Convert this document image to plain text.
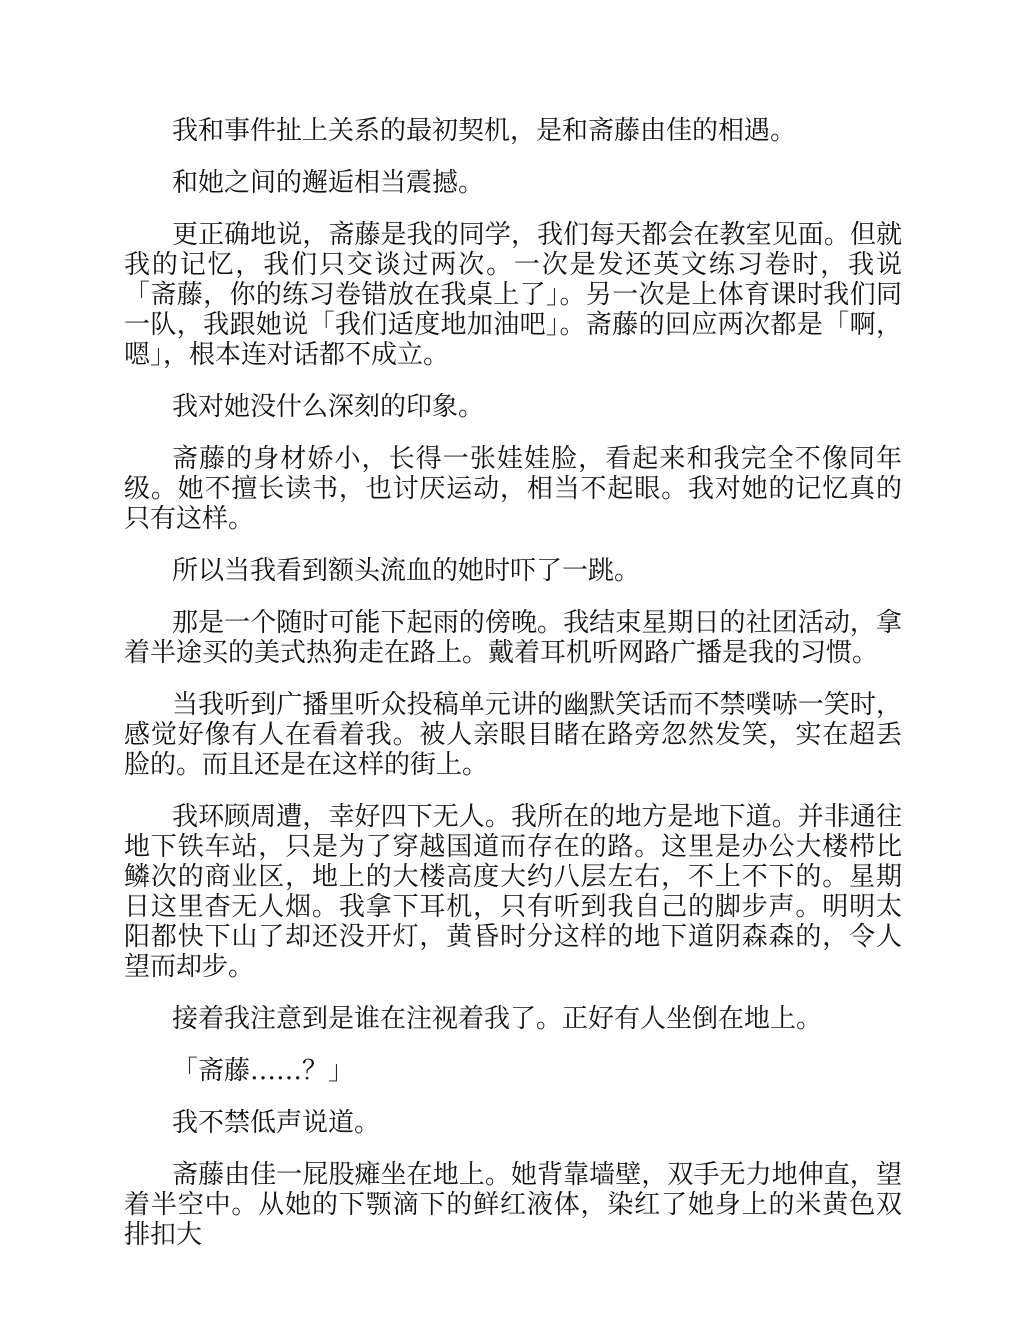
我和事件扯上关系的最初契机，是和斋藤由佳的相遇。

和她之间的邂逅相当震撼。

更正确地说，斋藤是我的同学，我们每天都会在教室见面。但就我的记忆，我们只交谈过两次。一次是发还英文练习卷时，我说「斋藤，你的练习卷错放在我桌上了」。另一次是上体育课时我们同一队，我跟她说「我们适度地加油吧」。斋藤的回应两次都是「啊，嗯」，根本连对话都不成立。

我对她没什么深刻的印象。

斋藤的身材娇小，长得一张娃娃脸，看起来和我完全不像同年级。她不擅长读书，也讨厌运动，相当不起眼。我对她的记忆真的只有这样。

所以当我看到额头流血的她时吓了一跳。

那是一个随时可能下起雨的傍晚。我结束星期日的社团活动，拿着半途买的美式热狗走在路上。戴着耳机听网路广播是我的习惯。

当我听到广播里听众投稿单元讲的幽默笑话而不禁噗哧一笑时，感觉好像有人在看着我。被人亲眼目睹在路旁忽然发笑，实在超丢脸的。而且还是在这样的街上。

我环顾周遭，幸好四下无人。我所在的地方是地下道。并非通往地下铁车站，只是为了穿越国道而存在的路。这里是办公大楼栉比鳞次的商业区，地上的大楼高度大约八层左右，不上不下的。星期日这里杳无人烟。我拿下耳机，只有听到我自己的脚步声。明明太阳都快下山了却还没开灯，黄昏时分这样的地下道阴森森的，令人望而却步。

接着我注意到是谁在注视着我了。正好有人坐倒在地上。

「斋藤……？」

我不禁低声说道。

斋藤由佳一屁股瘫坐在地上。她背靠墙壁，双手无力地伸直，望着半空中。从她的下颚滴下的鲜红液体，染红了她身上的米黄色双排扣大
